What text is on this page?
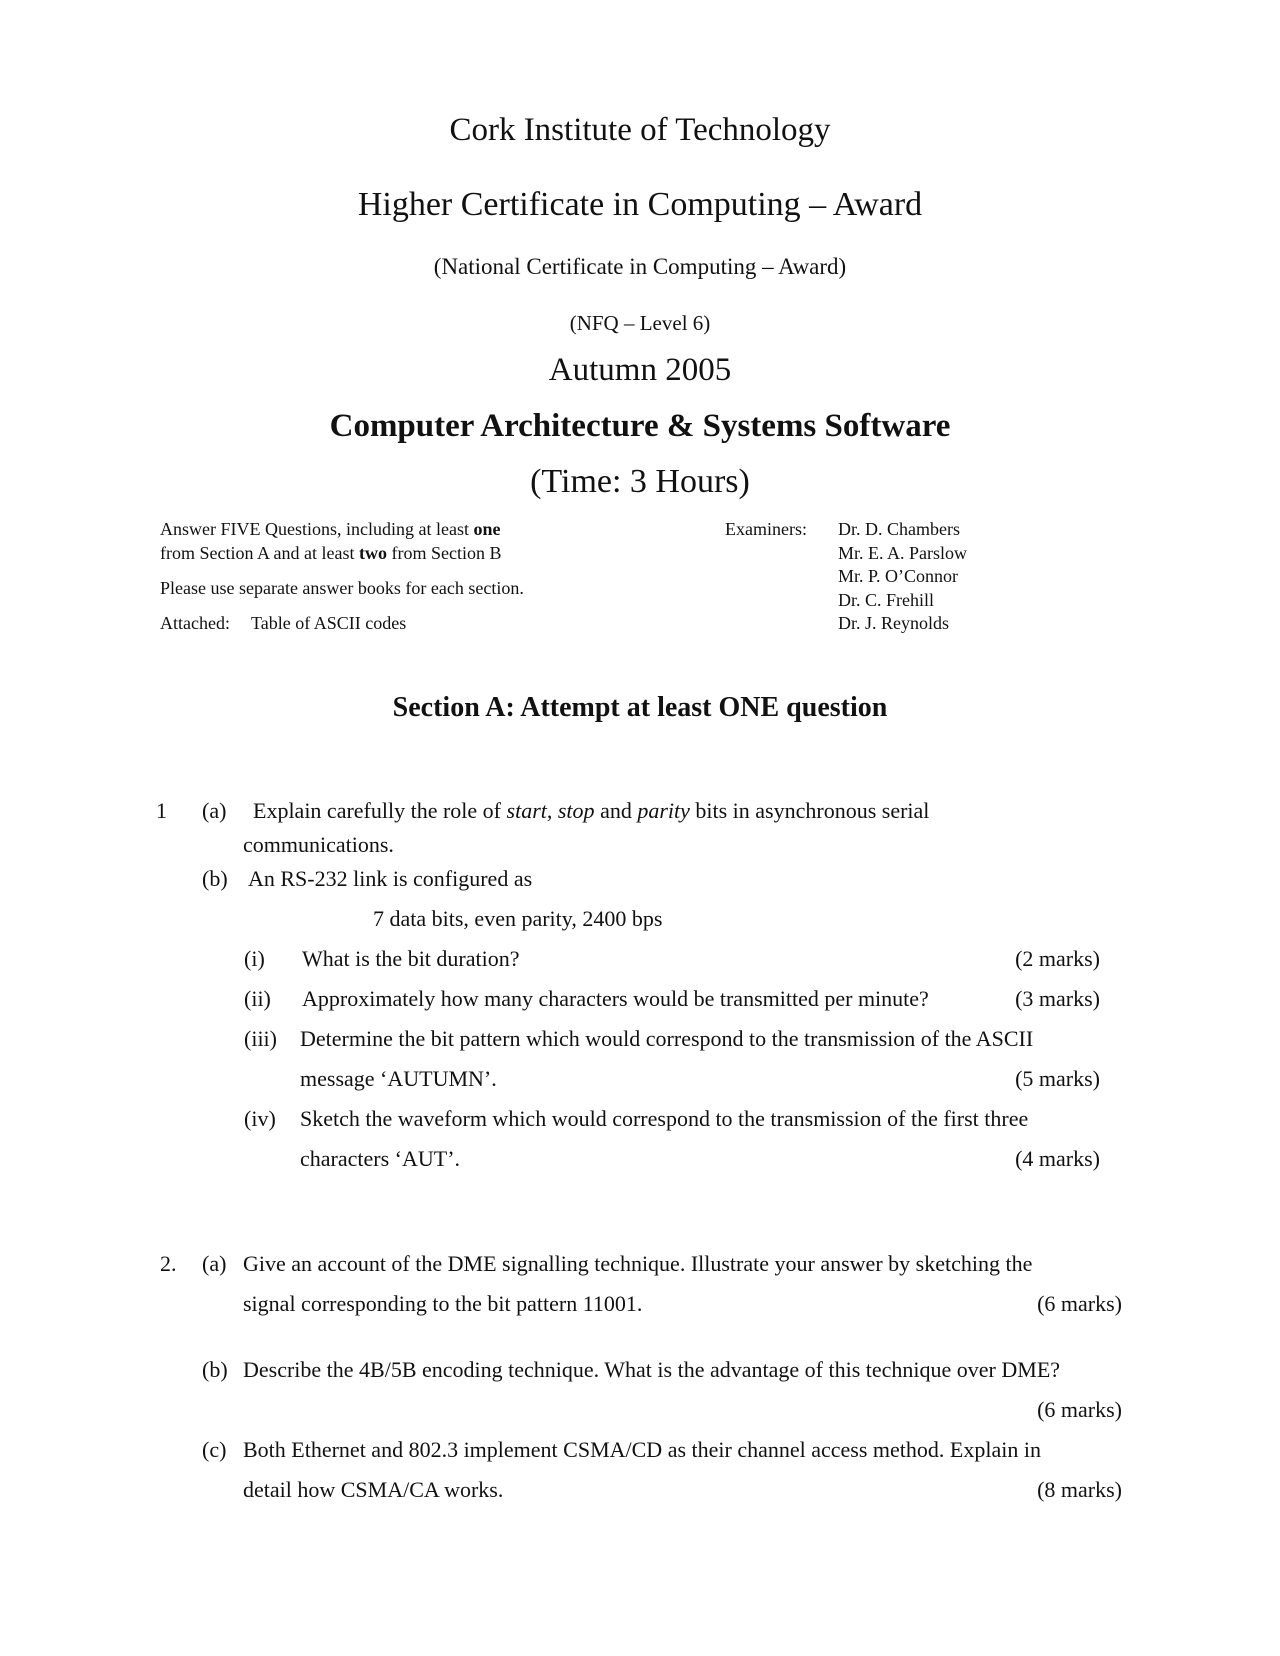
Cork Institute of Technology
Higher Certificate in Computing – Award
(National Certificate in Computing – Award)
(NFQ – Level 6)
Autumn 2005
Computer Architecture & Systems Software
(Time: 3 Hours)
Answer FIVE Questions, including at least one
from Section A and at least two from Section B
Please use separate answer books for each section.
Attached: Table of ASCII codes
Examiners: Dr. D. Chambers
Mr. E. A. Parslow
Mr. P. O’Connor
Dr. C. Frehill
Dr. J. Reynolds
Section A: Attempt at least ONE question
1 (a) Explain carefully the role of start, stop and parity bits in asynchronous serial
communications.
(b) An RS-232 link is configured as
7 data bits, even parity, 2400 bps
(i) What is the bit duration?	(2 marks)
(ii) Approximately how many characters would be transmitted per minute?	(3 marks)
(iii) Determine the bit pattern which would correspond to the transmission of the ASCII
message ‘AUTUMN’.	(5 marks)
(iv) Sketch the waveform which would correspond to the transmission of the first three
characters ‘AUT’.	(4 marks)
2. (a) Give an account of the DME signalling technique. Illustrate your answer by sketching the
signal corresponding to the bit pattern 11001.	(6 marks)
(b) Describe the 4B/5B encoding technique. What is the advantage of this technique over DME?
(6 marks)
(c) Both Ethernet and 802.3 implement CSMA/CD as their channel access method. Explain in
detail how CSMA/CA works.	(8 marks)
